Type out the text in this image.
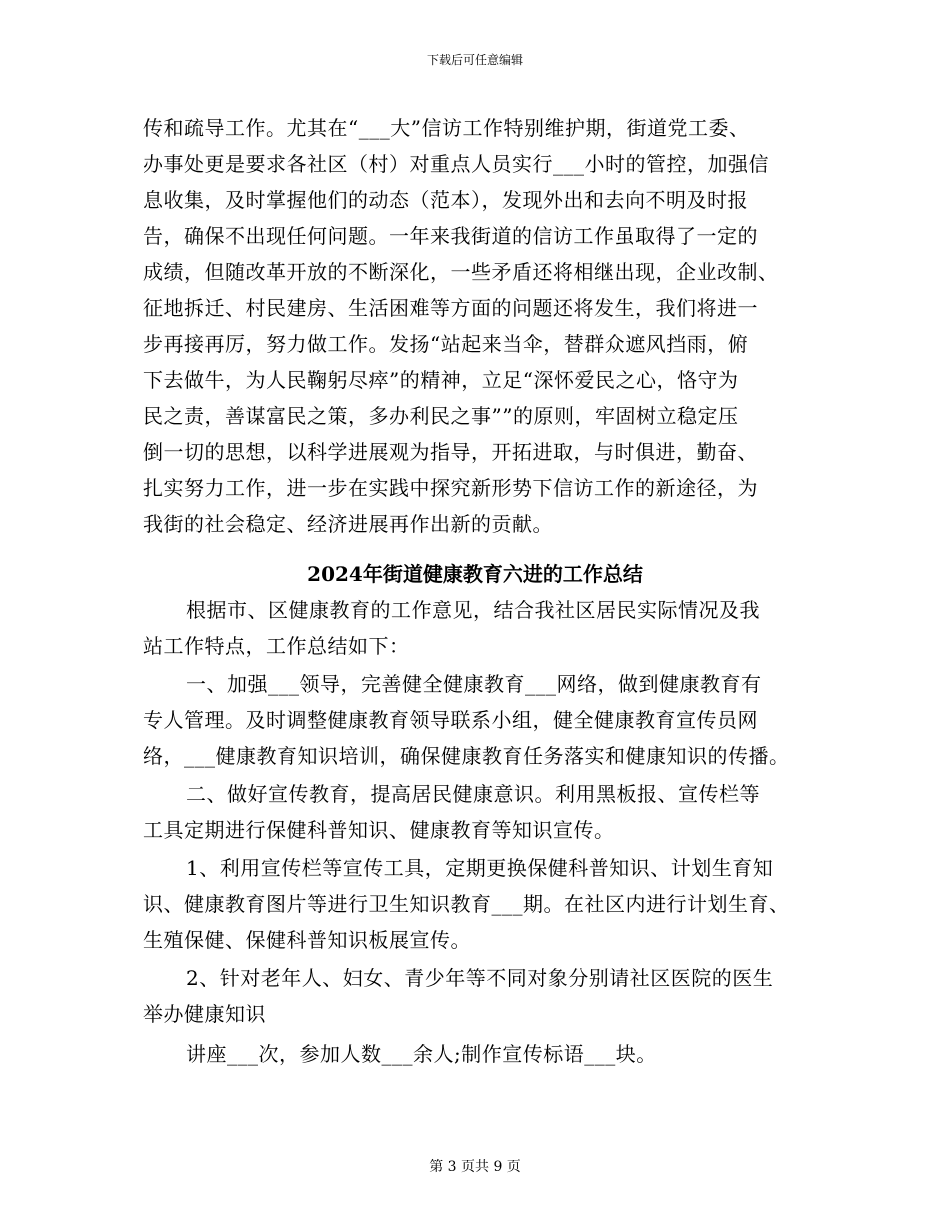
下载后可任意编辑
传和疏导工作。尤其在“___大”信访工作特别维护期，街道党工委、
办事处更是要求各社区（村）对重点人员实行___小时的管控，加强信
息收集，及时掌握他们的动态（范本），发现外出和去向不明及时报
告，确保不出现任何问题。一年来我街道的信访工作虽取得了一定的
成绩，但随改革开放的不断深化，一些矛盾还将相继出现，企业改制、
征地拆迁、村民建房、生活困难等方面的问题还将发生，我们将进一
步再接再厉，努力做工作。发扬“站起来当伞，替群众遮风挡雨，俯
下去做牛，为人民鞠躬尽瘁”的精神，立足“深怀爱民之心，恪守为
民之责，善谋富民之策，多办利民之事””的原则，牢固树立稳定压
倒一切的思想，以科学进展观为指导，开拓进取，与时俱进，勤奋、
扎实努力工作，进一步在实践中探究新形势下信访工作的新途径，为
我街的社会稳定、经济进展再作出新的贡献。
2024年街道健康教育六进的工作总结
根据市、区健康教育的工作意见，结合我社区居民实际情况及我
站工作特点，工作总结如下：
一、加强___领导，完善健全健康教育___网络，做到健康教育有
专人管理。及时调整健康教育领导联系小组，健全健康教育宣传员网
络，___健康教育知识培训，确保健康教育任务落实和健康知识的传播。
二、做好宣传教育，提高居民健康意识。利用黑板报、宣传栏等
工具定期进行保健科普知识、健康教育等知识宣传。
1、利用宣传栏等宣传工具，定期更换保健科普知识、计划生育知
识、健康教育图片等进行卫生知识教育___期。在社区内进行计划生育、
生殖保健、保健科普知识板展宣传。
2、针对老年人、妇女、青少年等不同对象分别请社区医院的医生
举办健康知识
讲座___次，参加人数___余人;制作宣传标语___块。
第 3 页共 9 页
